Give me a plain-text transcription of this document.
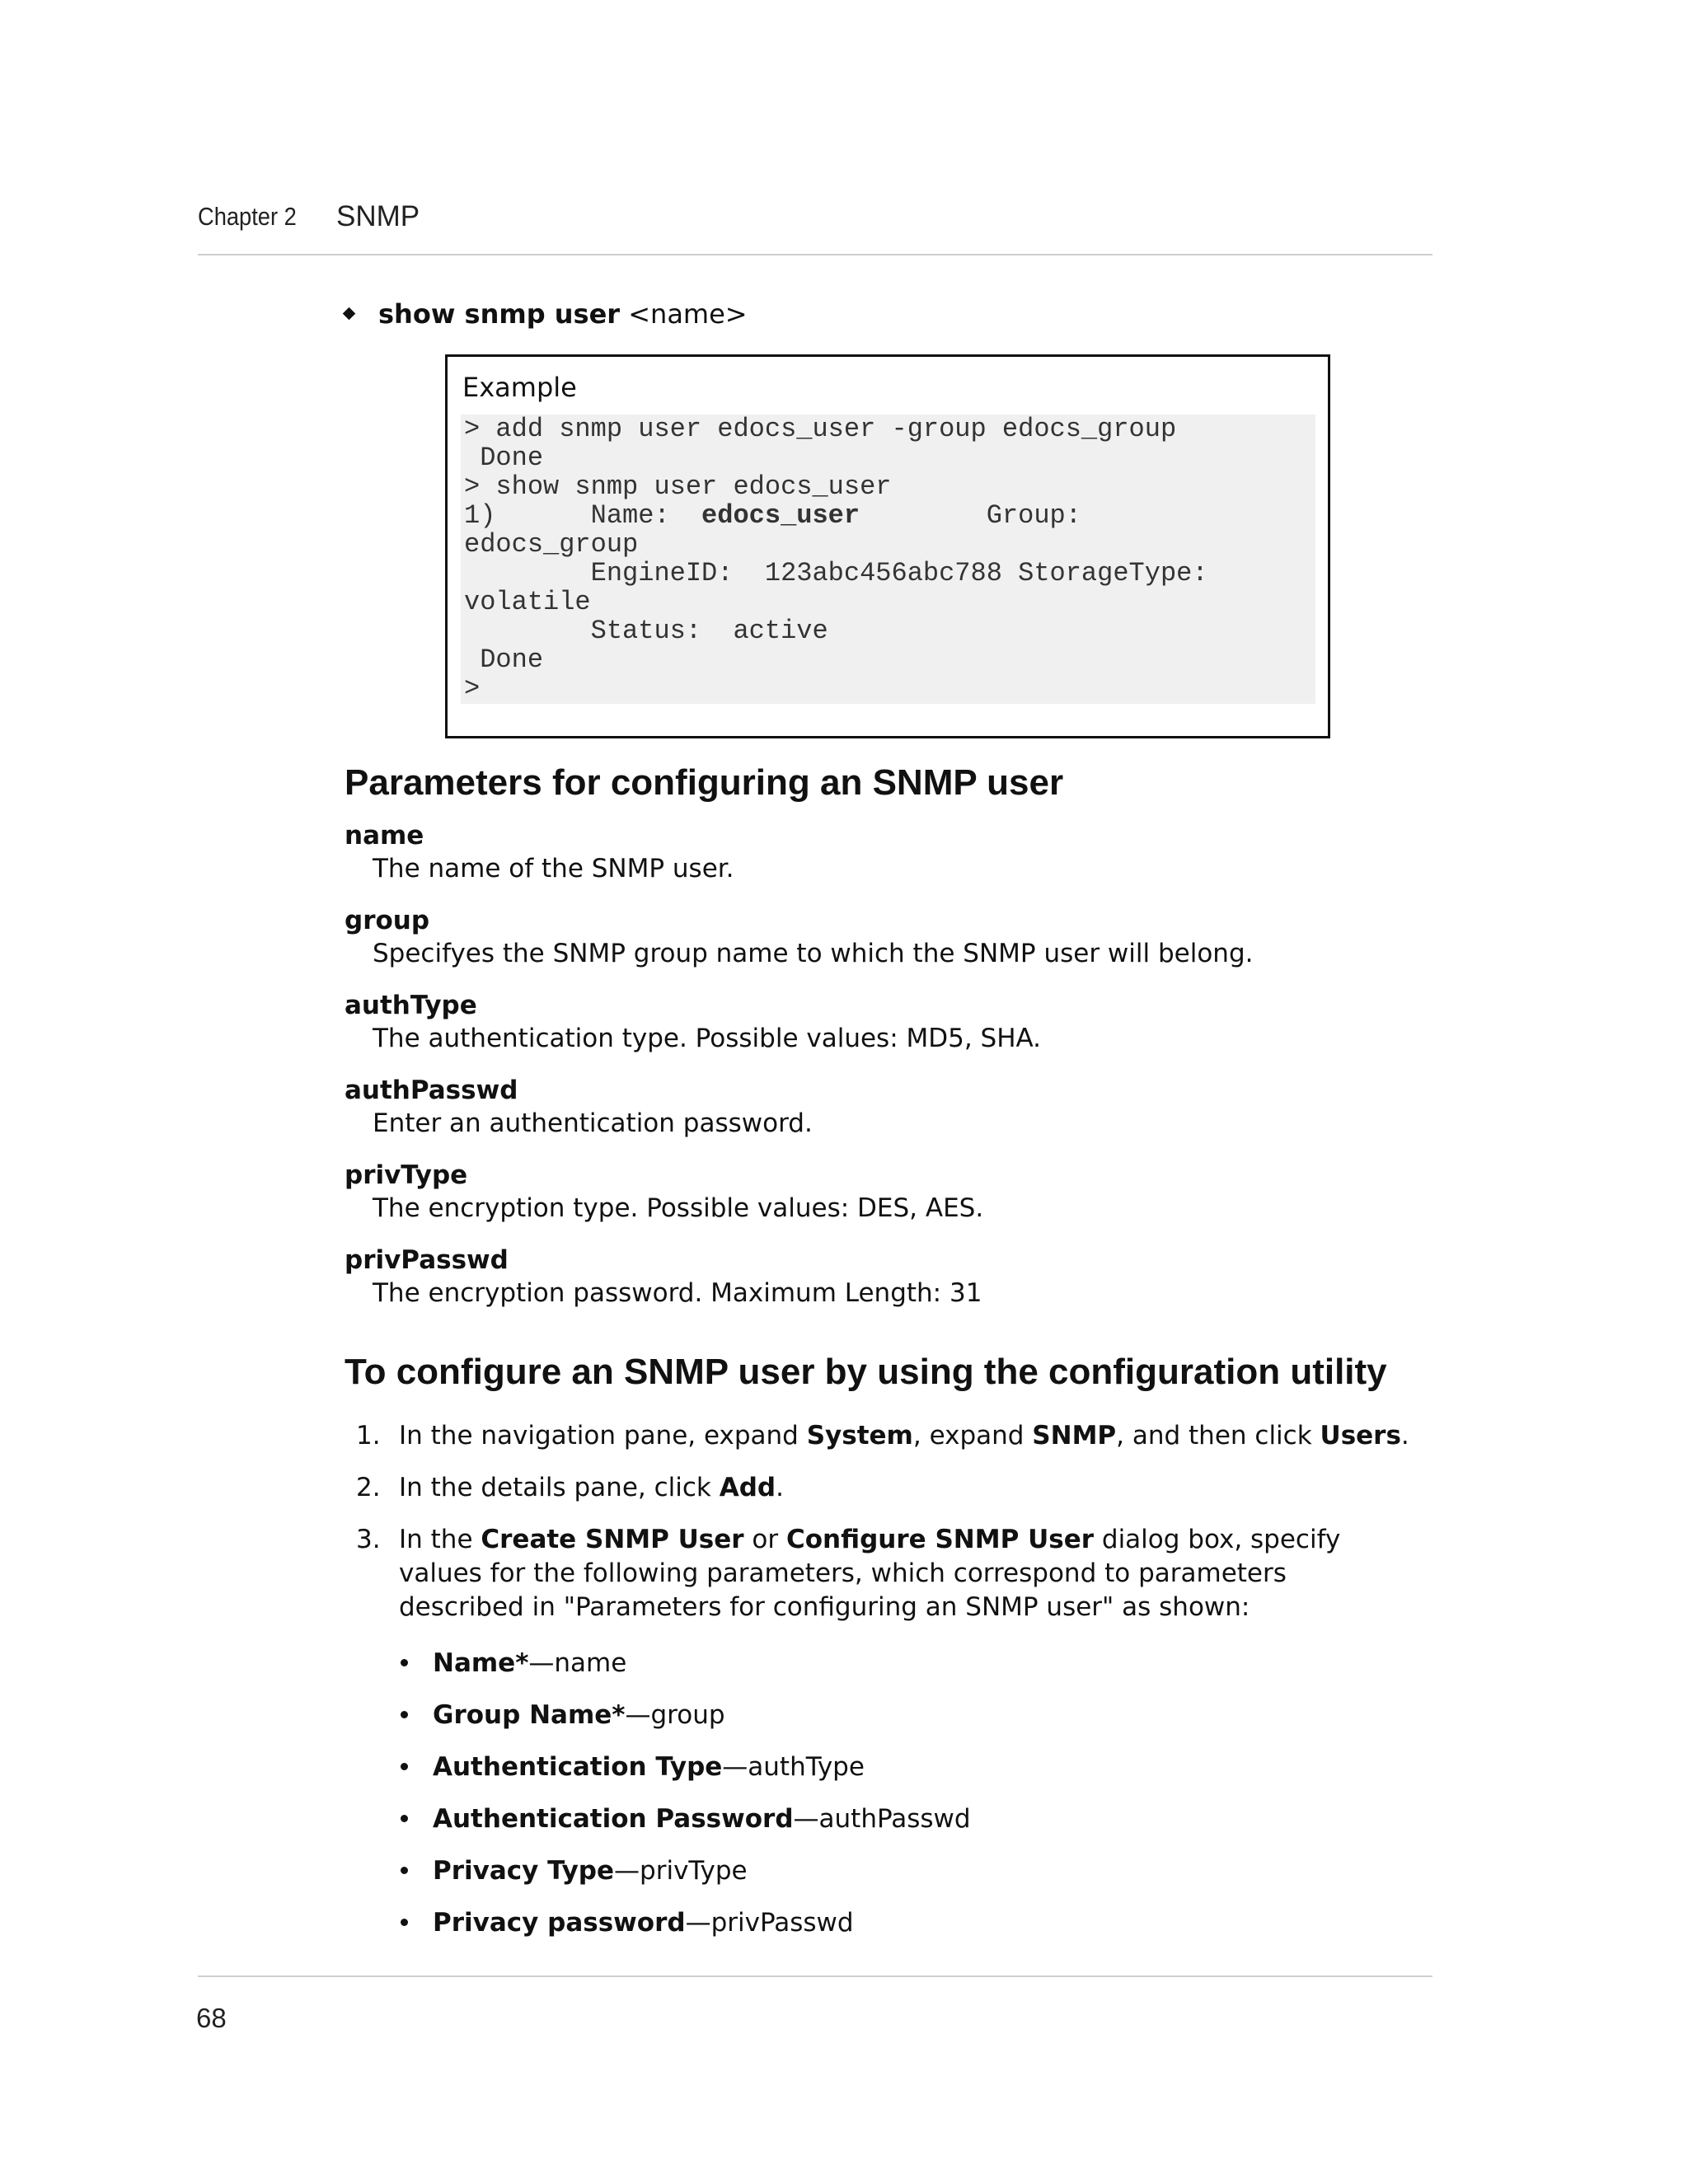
Chapter 2 SNMP
show snmp user <name>
Example
> add snmp user edocs_user -group edocs_group
Done
> show snmp user edocs_user
1)      Name:  edocs_user	Group:
edocs_group
EngineID:  123abc456abc788 StorageType:
volatile
Status:  active
Done
>
Parameters for configuring an SNMP user
name
The name of the SNMP user.
group
Specifyes the SNMP group name to which the SNMP user will belong.
authType
The authentication type. Possible values: MD5, SHA.
authPasswd
Enter an authentication password.
privType
The encryption type. Possible values: DES, AES.
privPasswd
The encryption password. Maximum Length: 31
To configure an SNMP user by using the configuration utility
1. In the navigation pane, expand System, expand SNMP, and then click Users.
2. In the details pane, click Add.
3. In the Create SNMP User or Configure SNMP User dialog box, specify values for the following parameters, which correspond to parameters described in "Parameters for configuring an SNMP user" as shown:
Name*—name
Group Name*—group
Authentication Type—authType
Authentication Password—authPasswd
Privacy Type—privType
Privacy password—privPasswd
68
